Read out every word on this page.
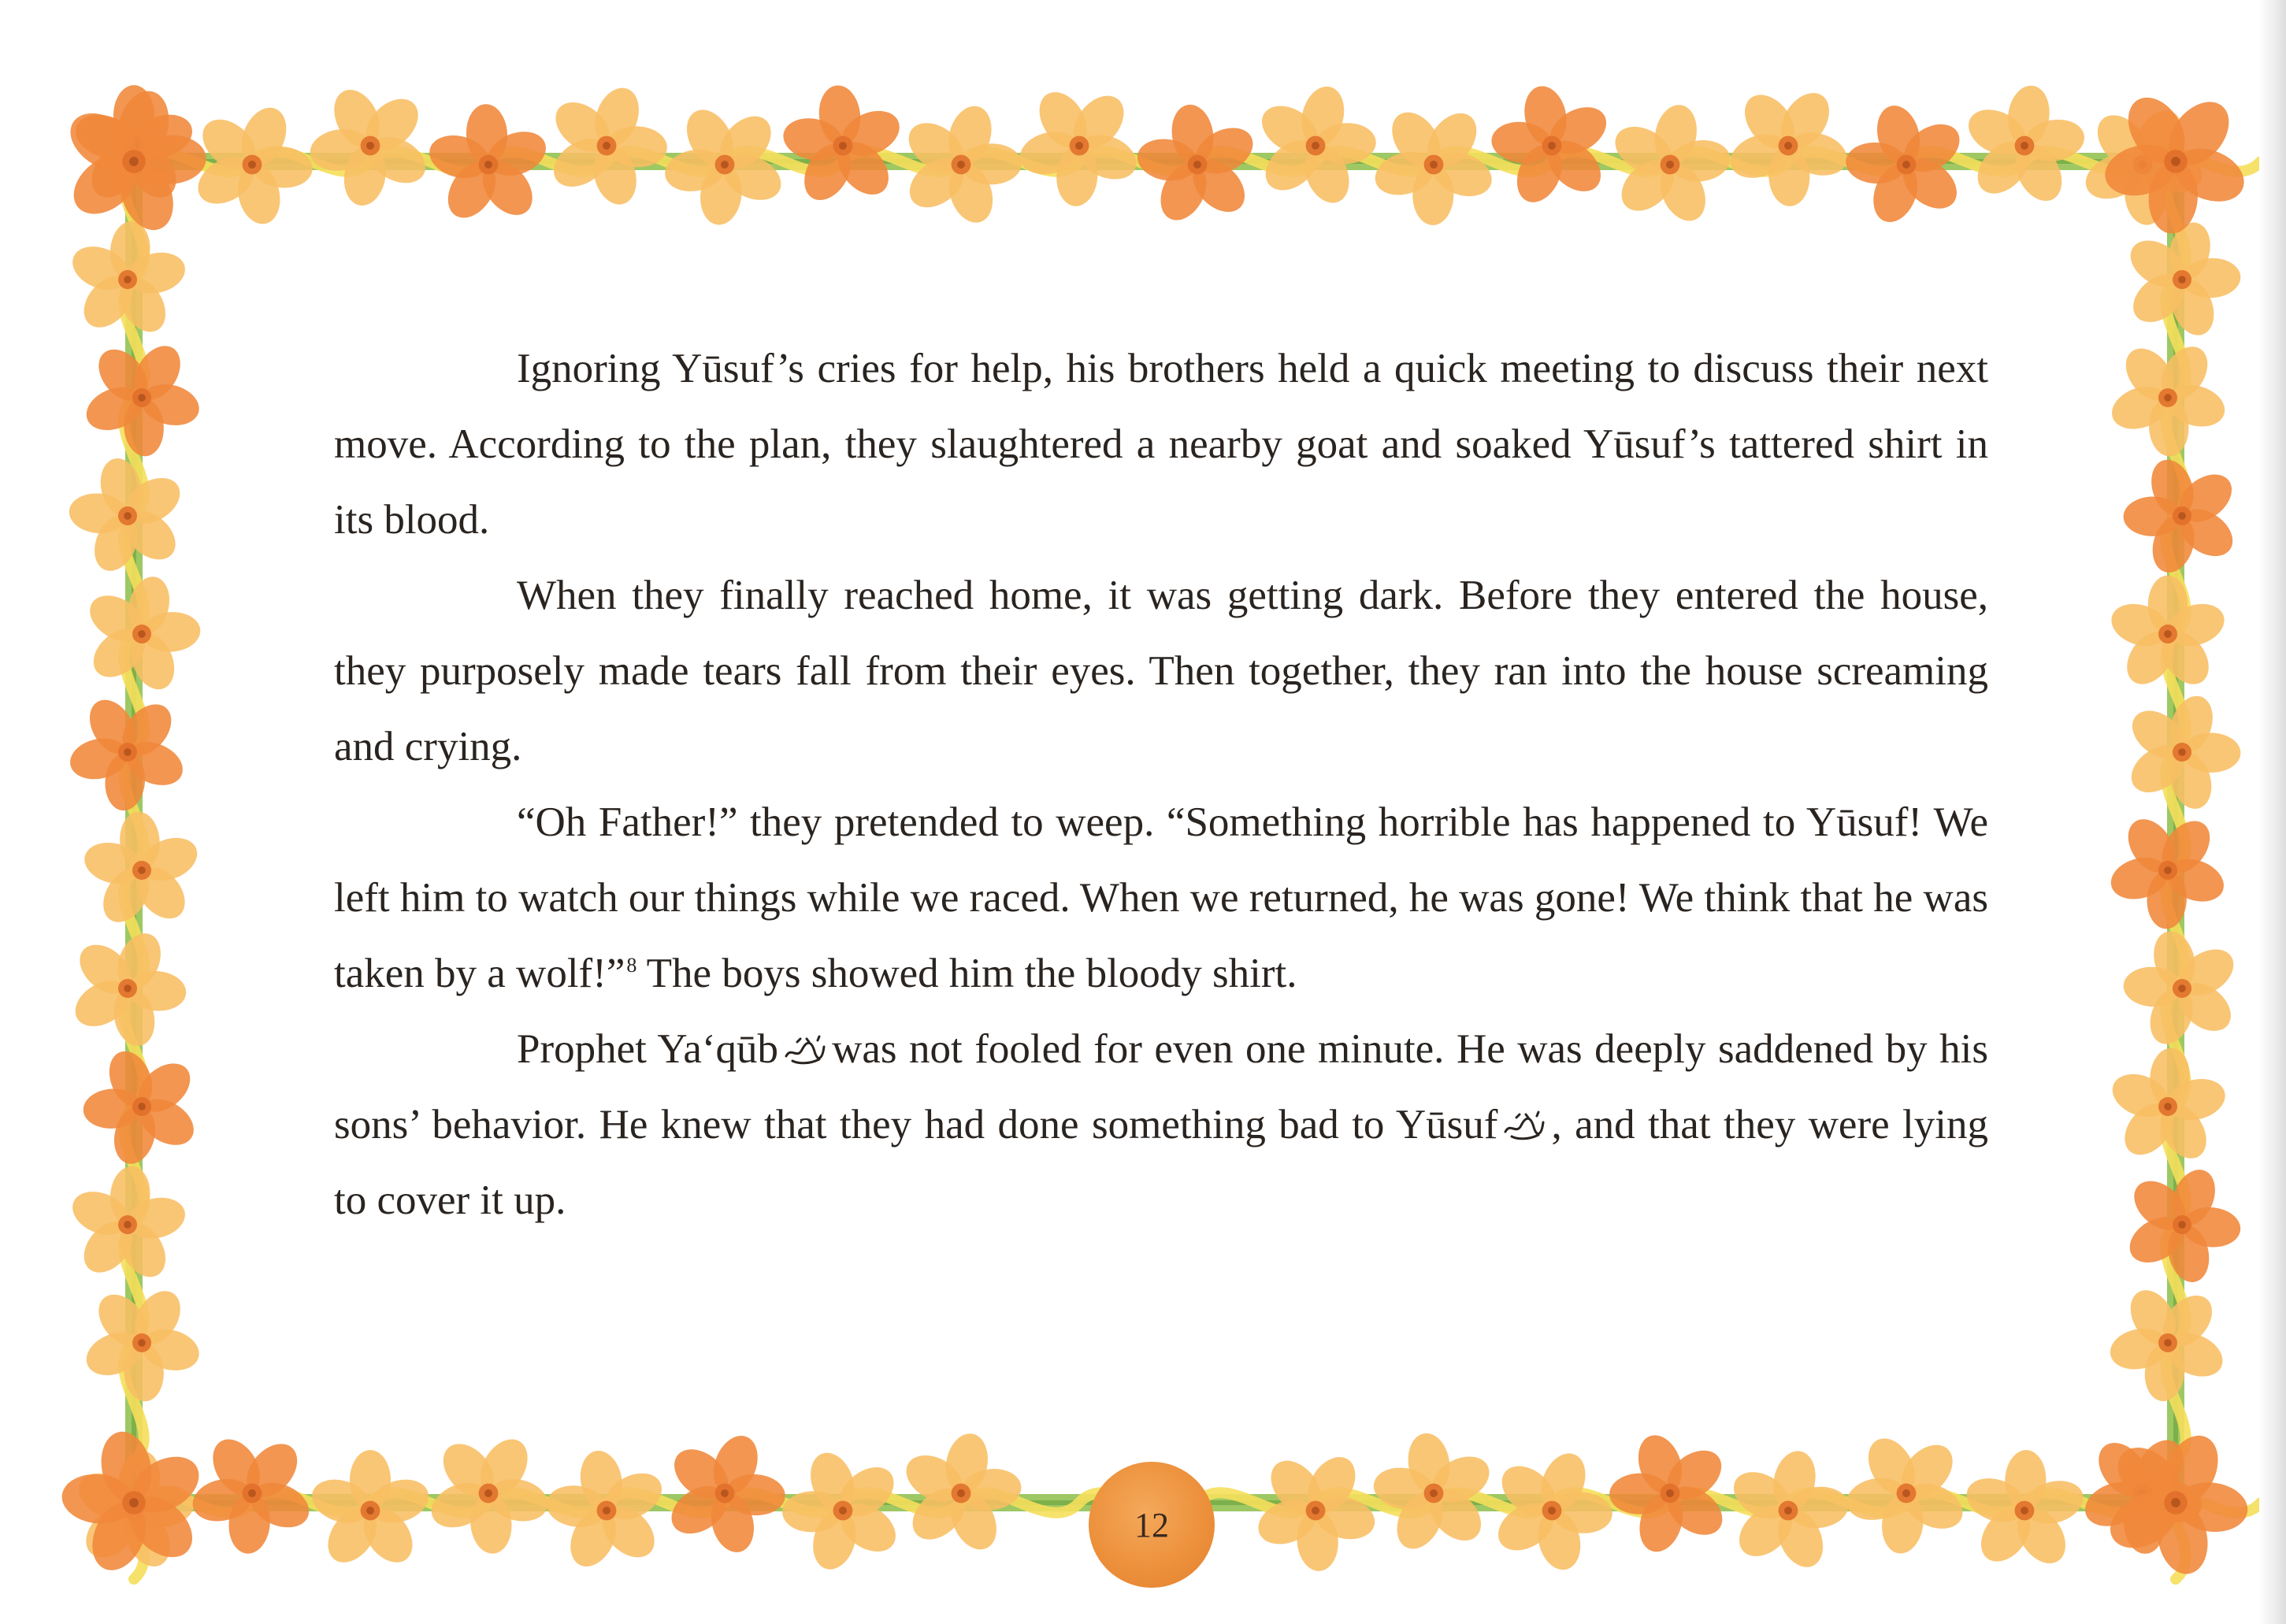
Ignoring Yūsuf’s cries for help, his brothers held a quick meeting to discuss their next move. According to the plan, they slaughtered a nearby goat and soaked Yūsuf’s tattered shirt in its blood.

When they finally reached home, it was getting dark. Before they entered the house, they purposely made tears fall from their eyes. Then together, they ran into the house screaming and crying.

“Oh Father!” they pretended to weep. “Something horrible has happened to Yūsuf! We left him to watch our things while we raced. When we returned, he was gone! We think that he was taken by a wolf!”$^8$ The boys showed him the bloody shirt.

Prophet Ya‘qūb was not fooled for even one minute. He was deeply saddened by his sons’ behavior. He knew that they had done something bad to Yūsuf , and that they were lying to cover it up.

12
